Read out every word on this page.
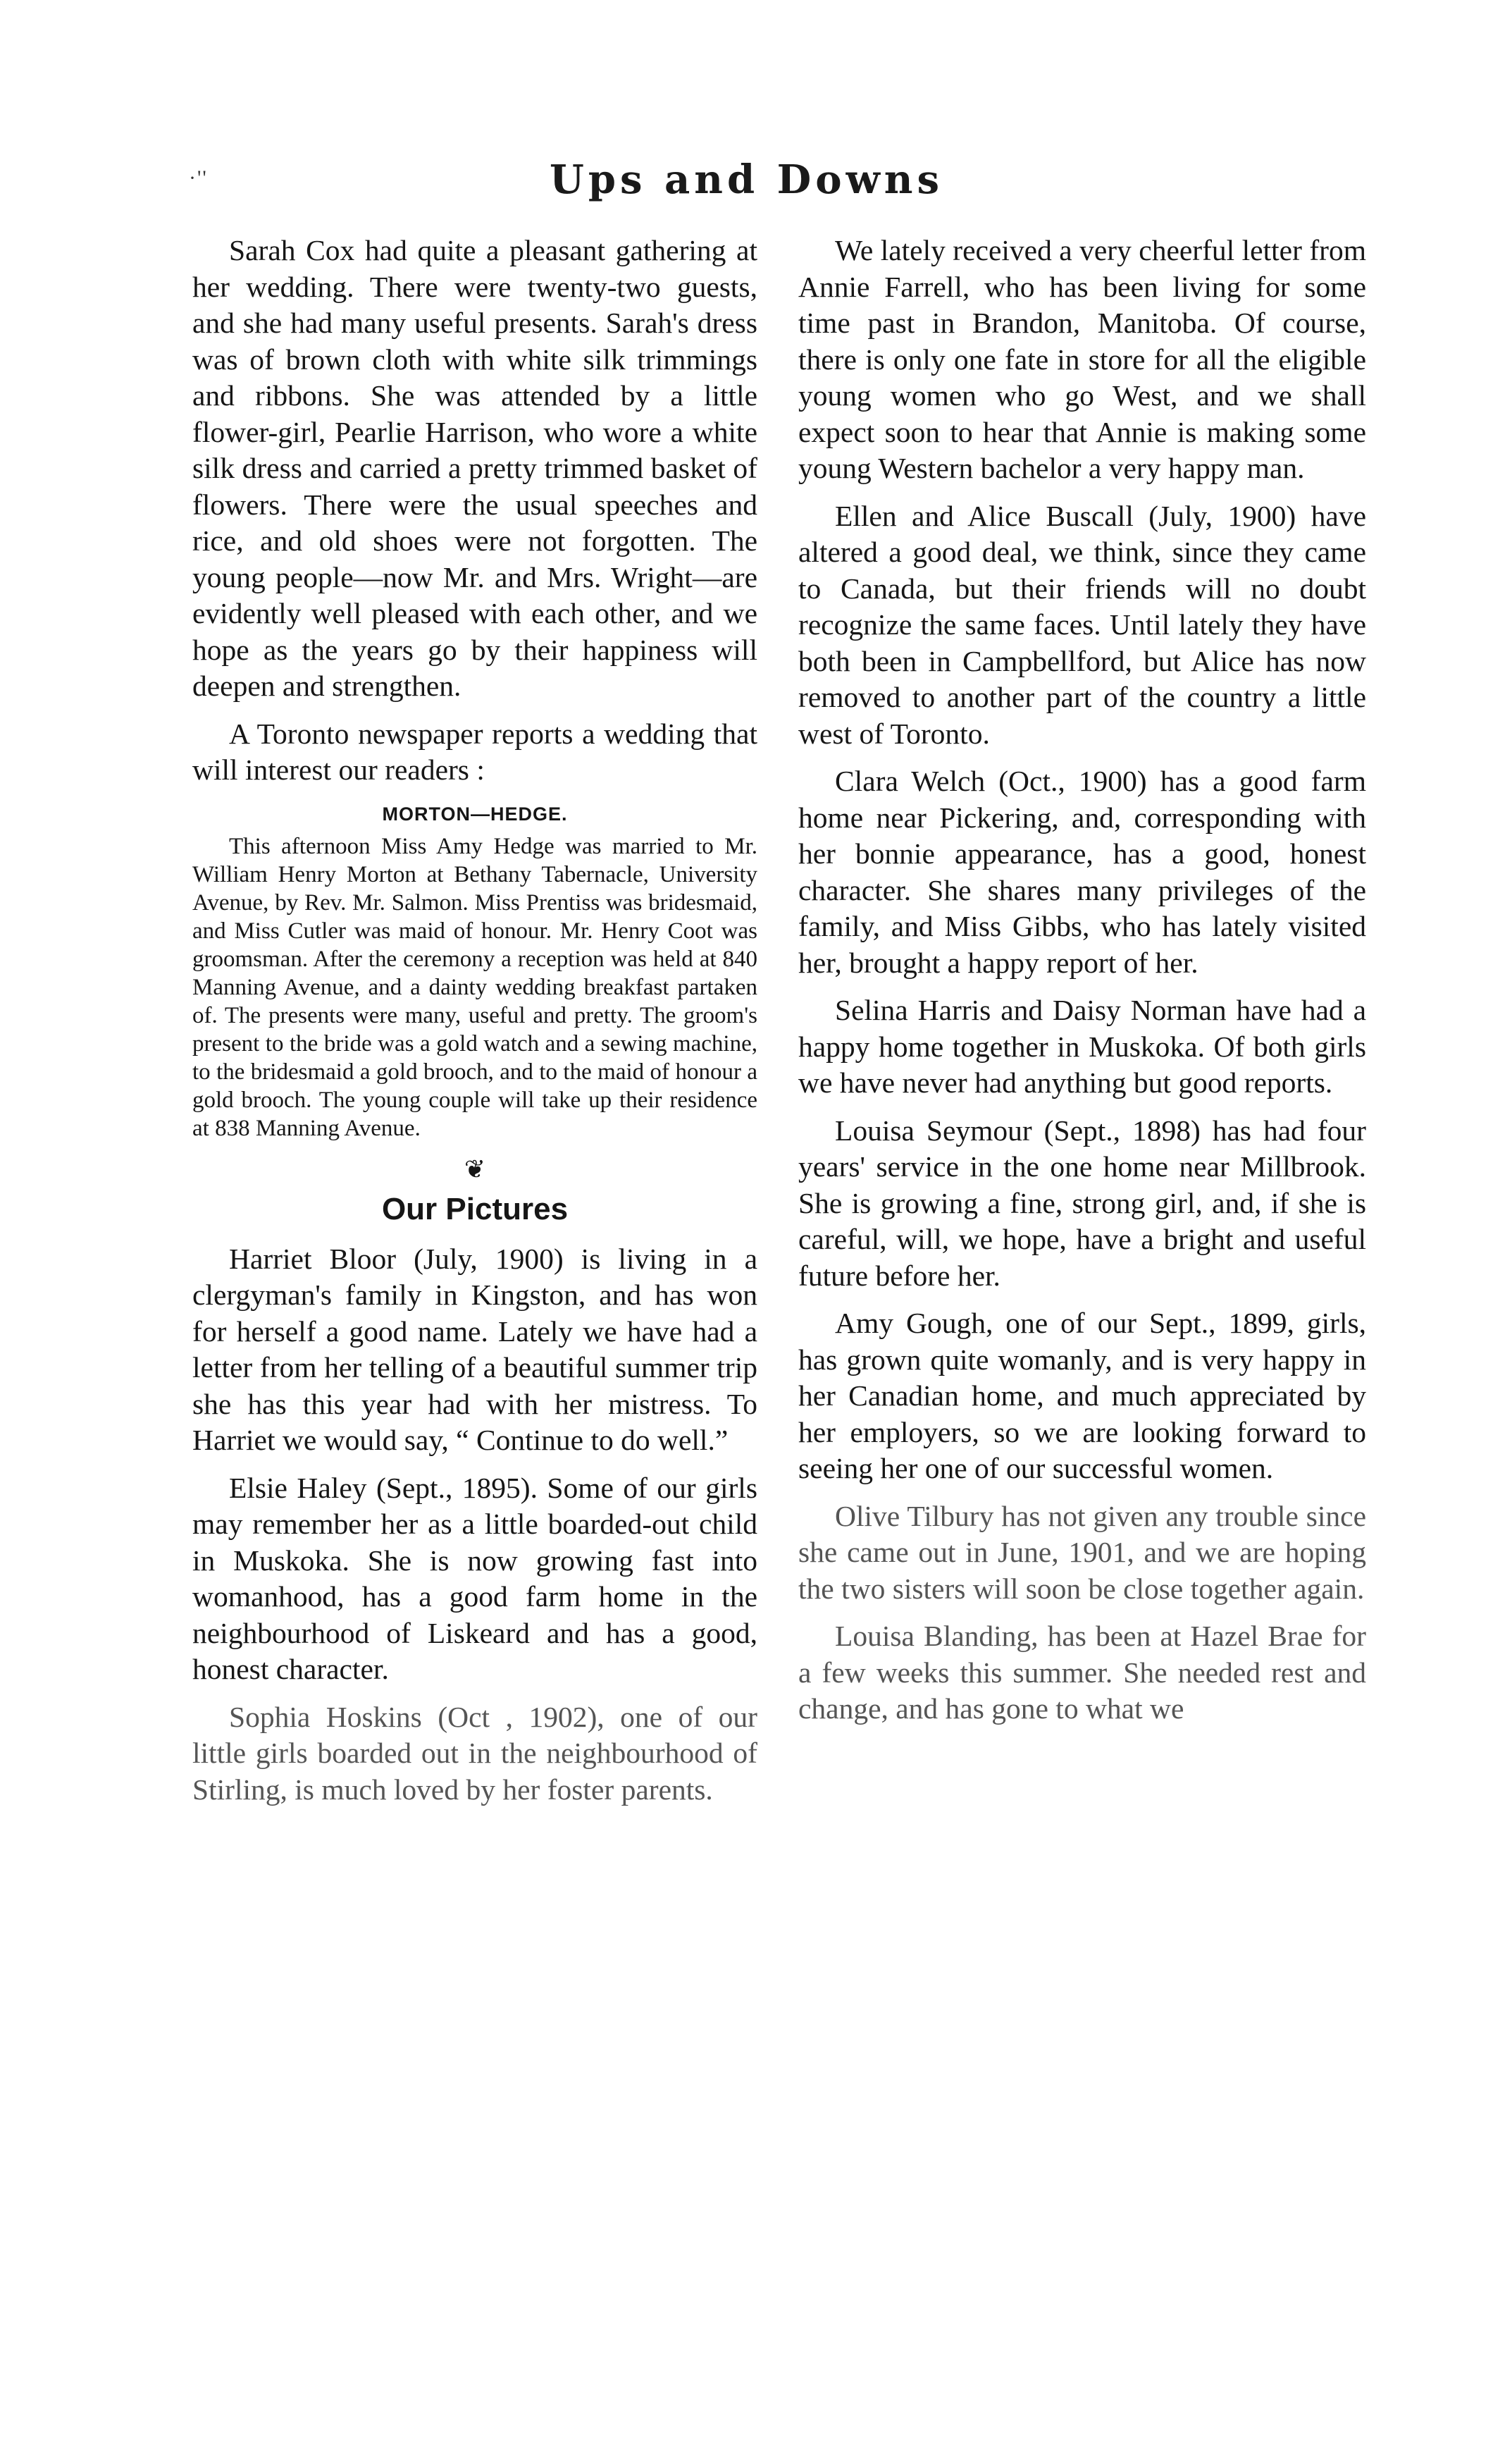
·''	Ups and Downs

Sarah Cox had quite a pleasant gathering at her wedding. There were twenty-two guests, and she had many useful presents. Sarah's dress was of brown cloth with white silk trimmings and ribbons. She was attended by a little flower-girl, Pearlie Harrison, who wore a white silk dress and carried a pretty trimmed basket of flowers. There were the usual speeches and rice, and old shoes were not forgotten. The young people—now Mr. and Mrs. Wright—are evidently well pleased with each other, and we hope as the years go by their happiness will deepen and strengthen.

A Toronto newspaper reports a wedding that will interest our readers :

MORTON—HEDGE.

This afternoon Miss Amy Hedge was married to Mr. William Henry Morton at Bethany Tabernacle, University Avenue, by Rev. Mr. Salmon. Miss Prentiss was bridesmaid, and Miss Cutler was maid of honour. Mr. Henry Coot was groomsman. After the ceremony a reception was held at 840 Manning Avenue, and a dainty wedding breakfast partaken of. The presents were many, useful and pretty. The groom's present to the bride was a gold watch and a sewing machine, to the bridesmaid a gold brooch, and to the maid of honour a gold brooch. The young couple will take up their residence at 838 Manning Avenue.

❦
Our Pictures

Harriet Bloor (July, 1900) is living in a clergyman's family in Kingston, and has won for herself a good name. Lately we have had a letter from her telling of a beautiful summer trip she has this year had with her mistress. To Harriet we would say, “ Continue to do well.”

Elsie Haley (Sept., 1895). Some of our girls may remember her as a little boarded-out child in Muskoka. She is now growing fast into womanhood, has a good farm home in the neighbourhood of Liskeard and has a good, honest character.

Sophia Hoskins (Oct , 1902), one of our little girls boarded out in the neighbourhood of Stirling, is much loved by her foster parents.

We lately received a very cheerful letter from Annie Farrell, who has been living for some time past in Brandon, Manitoba. Of course, there is only one fate in store for all the eligible young women who go West, and we shall expect soon to hear that Annie is making some young Western bachelor a very happy man.

Ellen and Alice Buscall (July, 1900) have altered a good deal, we think, since they came to Canada, but their friends will no doubt recognize the same faces. Until lately they have both been in Campbellford, but Alice has now removed to another part of the country a little west of Toronto.

Clara Welch (Oct., 1900) has a good farm home near Pickering, and, corresponding with her bonnie appearance, has a good, honest character. She shares many privileges of the family, and Miss Gibbs, who has lately visited her, brought a happy report of her.

Selina Harris and Daisy Norman have had a happy home together in Muskoka. Of both girls we have never had anything but good reports.

Louisa Seymour (Sept., 1898) has had four years' service in the one home near Millbrook. She is growing a fine, strong girl, and, if she is careful, will, we hope, have a bright and useful future before her.

Amy Gough, one of our Sept., 1899, girls, has grown quite womanly, and is very happy in her Canadian home, and much appreciated by her employers, so we are looking forward to seeing her one of our successful women.

Olive Tilbury has not given any trouble since she came out in June, 1901, and we are hoping the two sisters will soon be close together again.

Louisa Blanding, has been at Hazel Brae for a few weeks this summer. She needed rest and change, and has gone to what we
